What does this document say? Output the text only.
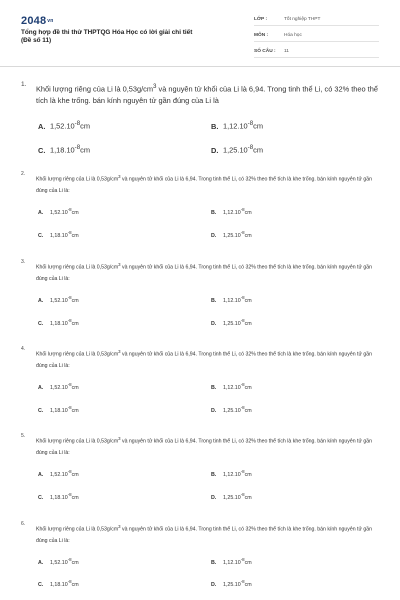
2048vn
Tổng hợp đề thi thử THPTQG Hóa Học có lời giải chi tiết
(Đề số 11)
LỚP :	Tốt nghiệp THPT
MÔN :	Hóa học
SỐ CÂU :	11
1. Khối lượng riêng của Li là $0,53g/cm^3$ và nguyên tử khối của Li là 6,94. Trong tinh thể Li, có 32% theo thể tích là khe trống. bán kính nguyên tử gần đúng của Li là
A. $1,52.10^{-8}cm$	B. $1,12.10^{-8}cm$
C. $1,18.10^{-8}cm$	D. $1,25.10^{-8}cm$
2.
Khối lượng riêng của Li là $0,53g/cm^3$ và nguyên tử khối của Li là 6,94. Trong tinh thể Li, có 32% theo thể tích là khe trống. bán kính nguyên tử gần đúng của Li là:
A. $1,52.10^{-8}cm$	B. $1,12.10^{-8}cm$
C. $1,18.10^{-8}cm$	D. $1,25.10^{-8}cm$
3.
Khối lượng riêng của Li là $0,53g/cm^3$ và nguyên tử khối của Li là 6,94. Trong tinh thể Li, có 32% theo thể tích là khe trống. bán kính nguyên tử gần đúng của Li là:
A. $1,52.10^{-8}cm$	B. $1,12.10^{-8}cm$
C. $1,18.10^{-8}cm$	D. $1,25.10^{-8}cm$
4.
Khối lượng riêng của Li là $0,53g/cm^3$ và nguyên tử khối của Li là 6,94. Trong tinh thể Li, có 32% theo thể tích là khe trống. bán kính nguyên tử gần đúng của Li là:
A. $1,52.10^{-8}cm$	B. $1,12.10^{-8}cm$
C. $1,18.10^{-8}cm$	D. $1,25.10^{-8}cm$
5.
Khối lượng riêng của Li là $0,53g/cm^3$ và nguyên tử khối của Li là 6,94. Trong tinh thể Li, có 32% theo thể tích là khe trống. bán kính nguyên tử gần đúng của Li là:
A. $1,52.10^{-8}cm$	B. $1,12.10^{-8}cm$
C. $1,18.10^{-8}cm$	D. $1,25.10^{-8}cm$
6.
Khối lượng riêng của Li là $0,53g/cm^3$ và nguyên tử khối của Li là 6,94. Trong tinh thể Li, có 32% theo thể tích là khe trống. bán kính nguyên tử gần đúng của Li là:
A. $1,52.10^{-8}cm$	B. $1,12.10^{-8}cm$
C. $1,18.10^{-8}cm$	D. $1,25.10^{-8}cm$
